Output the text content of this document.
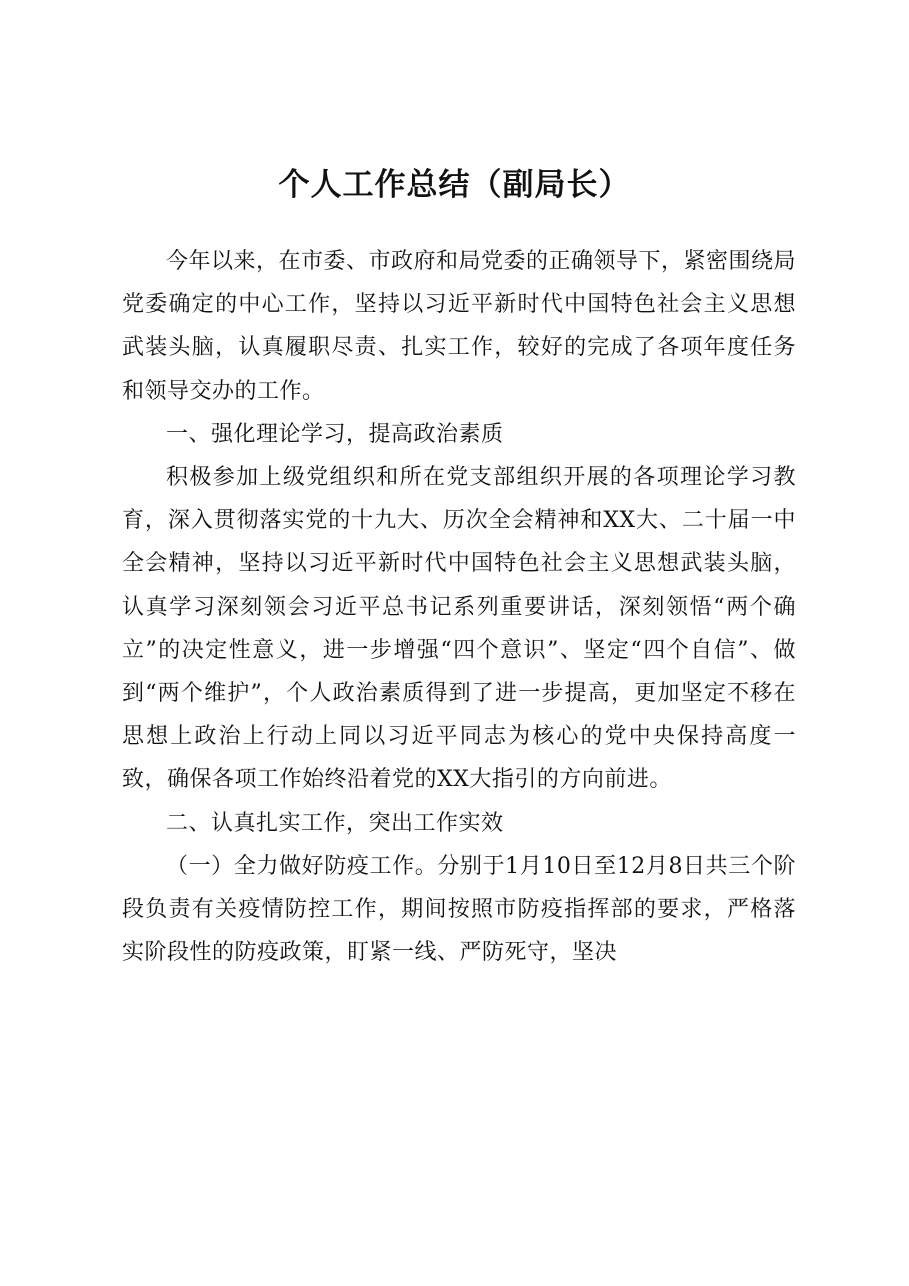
个人工作总结（副局长）

今年以来，在市委、市政府和局党委的正确领导下，紧密围绕局党委确定的中心工作，坚持以习近平新时代中国特色社会主义思想武装头脑，认真履职尽责、扎实工作，较好的完成了各项年度任务和领导交办的工作。

一、强化理论学习，提高政治素质

积极参加上级党组织和所在党支部组织开展的各项理论学习教育，深入贯彻落实党的十九大、历次全会精神和XX大、二十届一中全会精神，坚持以习近平新时代中国特色社会主义思想武装头脑，认真学习深刻领会习近平总书记系列重要讲话，深刻领悟“两个确立”的决定性意义，进一步增强“四个意识”、坚定“四个自信”、做到“两个维护”，个人政治素质得到了进一步提高，更加坚定不移在思想上政治上行动上同以习近平同志为核心的党中央保持高度一致，确保各项工作始终沿着党的XX大指引的方向前进。

二、认真扎实工作，突出工作实效

（一）全力做好防疫工作。分别于1月10日至12月8日共三个阶段负责有关疫情防控工作，期间按照市防疫指挥部的要求，严格落实阶段性的防疫政策，盯紧一线、严防死守，坚决
